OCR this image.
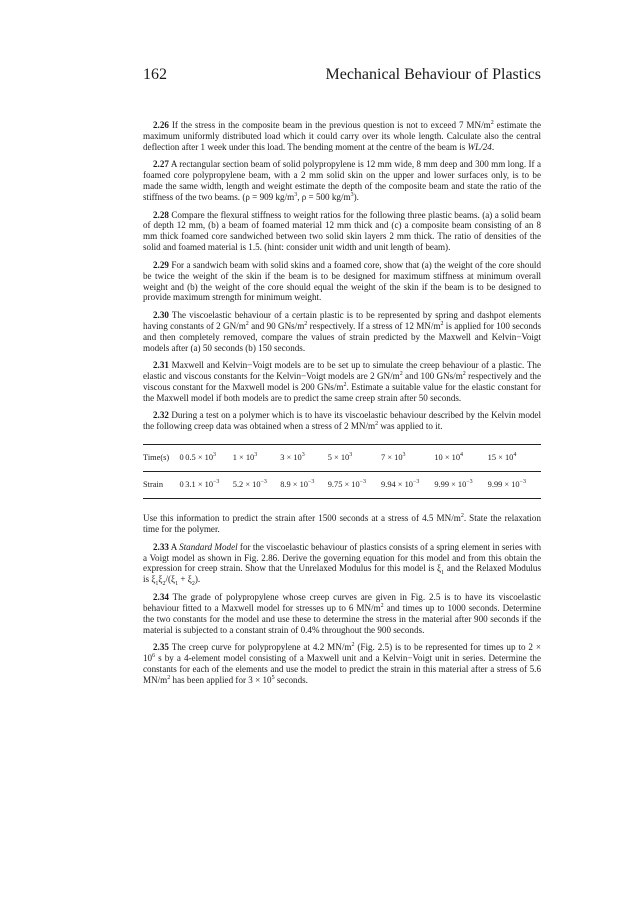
162	Mechanical Behaviour of Plastics

2.26 If the stress in the composite beam in the previous question is not to exceed 7 $MN/m^2$ estimate the maximum uniformly distributed load which it could carry over its whole length. Calculate also the central deflection after 1 week under this load. The bending moment at the centre of the beam is WL/24.

2.27 A rectangular section beam of solid polypropylene is 12 mm wide, 8 mm deep and 300 mm long. If a foamed core polypropylene beam, with a 2 mm solid skin on the upper and lower surfaces only, is to be made the same width, length and weight estimate the depth of the composite beam and state the ratio of the stiffness of the two beams. (ρ = 909 $kg/m^3$, ρ = 500 $kg/m^3$).

2.28 Compare the flexural stiffness to weight ratios for the following three plastic beams. (a) a solid beam of depth 12 mm, (b) a beam of foamed material 12 mm thick and (c) a composite beam consisting of an 8 mm thick foamed core sandwiched between two solid skin layers 2 mm thick. The ratio of densities of the solid and foamed material is 1.5. (hint: consider unit width and unit length of beam).

2.29 For a sandwich beam with solid skins and a foamed core, show that (a) the weight of the core should be twice the weight of the skin if the beam is to be designed for maximum stiffness at minimum overall weight and (b) the weight of the core should equal the weight of the skin if the beam is to be designed to provide maximum strength for minimum weight.

2.30 The viscoelastic behaviour of a certain plastic is to be represented by spring and dashpot elements having constants of 2 $GN/m^2$ and 90 GNs/$m^2$ respectively. If a stress of 12 $MN/m^2$ is applied for 100 seconds and then completely removed, compare the values of strain predicted by the Maxwell and Kelvin−Voigt models after (a) 50 seconds (b) 150 seconds.

2.31 Maxwell and Kelvin−Voigt models are to be set up to simulate the creep behaviour of a plastic. The elastic and viscous constants for the Kelvin−Voigt models are 2 $GN/m^2$ and 100 GNs/$m^2$ respectively and the viscous constant for the Maxwell model is 200 GNs/$m^2$. Estimate a suitable value for the elastic constant for the Maxwell model if both models are to predict the same creep strain after 50 seconds.

2.32 During a test on a polymer which is to have its viscoelastic behaviour described by the Kelvin model the following creep data was obtained when a stress of 2 $MN/m^2$ was applied to it.

Time(s)	0	$0.5 \times 10^3$	$1 \times 10^3$	$3 \times 10^3$	$5 \times 10^3$	$7 \times 10^3$	$10 \times 10^4$	$15 \times 10^4$
Strain	0	$3.1 \times 10^{-3}$	$5.2 \times 10^{-3}$	$8.9 \times 10^{-3}$	$9.75 \times 10^{-3}$	$9.94 \times 10^{-3}$	$9.99 \times 10^{-3}$	$9.99 \times 10^{-3}$

Use this information to predict the strain after 1500 seconds at a stress of 4.5 $MN/m^2$. State the relaxation time for the polymer.

2.33 A Standard Model for the viscoelastic behaviour of plastics consists of a spring element in series with a Voigt model as shown in Fig. 2.86. Derive the governing equation for this model and from this obtain the expression for creep strain. Show that the Unrelaxed Modulus for this model is $\xi_1$ and the Relaxed Modulus is $\xi_1\xi_2/(\xi_1 + \xi_2)$.

2.34 The grade of polypropylene whose creep curves are given in Fig. 2.5 is to have its viscoelastic behaviour fitted to a Maxwell model for stresses up to 6 $MN/m^2$ and times up to 1000 seconds. Determine the two constants for the model and use these to determine the stress in the material after 900 seconds if the material is subjected to a constant strain of 0.4% throughout the 900 seconds.

2.35 The creep curve for polypropylene at 4.2 $MN/m^2$ (Fig. 2.5) is to be represented for times up to $2 \times 10^6$ s by a 4-element model consisting of a Maxwell unit and a Kelvin−Voigt unit in series. Determine the constants for each of the elements and use the model to predict the strain in this material after a stress of 5.6 $MN/m^2$ has been applied for $3 \times 10^5$ seconds.
